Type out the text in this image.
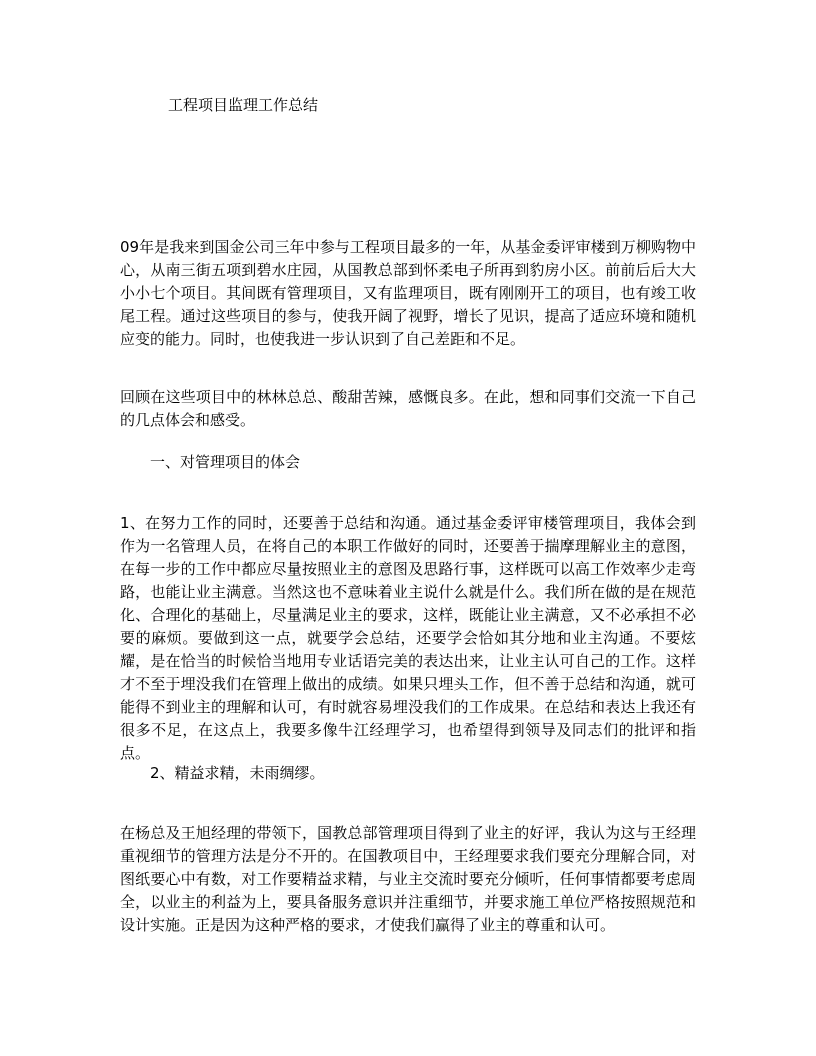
工程项目监理工作总结

09年是我来到国金公司三年中参与工程项目最多的一年，从基金委评审楼到万柳购物中心，从南三街五项到碧水庄园，从国教总部到怀柔电子所再到豹房小区。前前后后大大小小七个项目。其间既有管理项目，又有监理项目，既有刚刚开工的项目，也有竣工收尾工程。通过这些项目的参与，使我开阔了视野，增长了见识，提高了适应环境和随机应变的能力。同时，也使我进一步认识到了自己差距和不足。

回顾在这些项目中的林林总总、酸甜苦辣，感慨良多。在此，想和同事们交流一下自己的几点体会和感受。

一、对管理项目的体会

1、在努力工作的同时，还要善于总结和沟通。通过基金委评审楼管理项目，我体会到作为一名管理人员，在将自己的本职工作做好的同时，还要善于揣摩理解业主的意图，在每一步的工作中都应尽量按照业主的意图及思路行事，这样既可以高工作效率少走弯路，也能让业主满意。当然这也不意味着业主说什么就是什么。我们所在做的是在规范化、合理化的基础上，尽量满足业主的要求，这样，既能让业主满意，又不必承担不必要的麻烦。要做到这一点，就要学会总结，还要学会恰如其分地和业主沟通。不要炫耀，是在恰当的时候恰当地用专业话语完美的表达出来，让业主认可自己的工作。这样才不至于埋没我们在管理上做出的成绩。如果只埋头工作，但不善于总结和沟通，就可能得不到业主的理解和认可，有时就容易埋没我们的工作成果。在总结和表达上我还有很多不足，在这点上，我要多像牛江经理学习，也希望得到领导及同志们的批评和指点。

2、精益求精，未雨绸缪。

在杨总及王旭经理的带领下，国教总部管理项目得到了业主的好评，我认为这与王经理重视细节的管理方法是分不开的。在国教项目中，王经理要求我们要充分理解合同，对图纸要心中有数，对工作要精益求精，与业主交流时要充分倾听，任何事情都要考虑周全，以业主的利益为上，要具备服务意识并注重细节，并要求施工单位严格按照规范和设计实施。正是因为这种严格的要求，才使我们赢得了业主的尊重和认可。
